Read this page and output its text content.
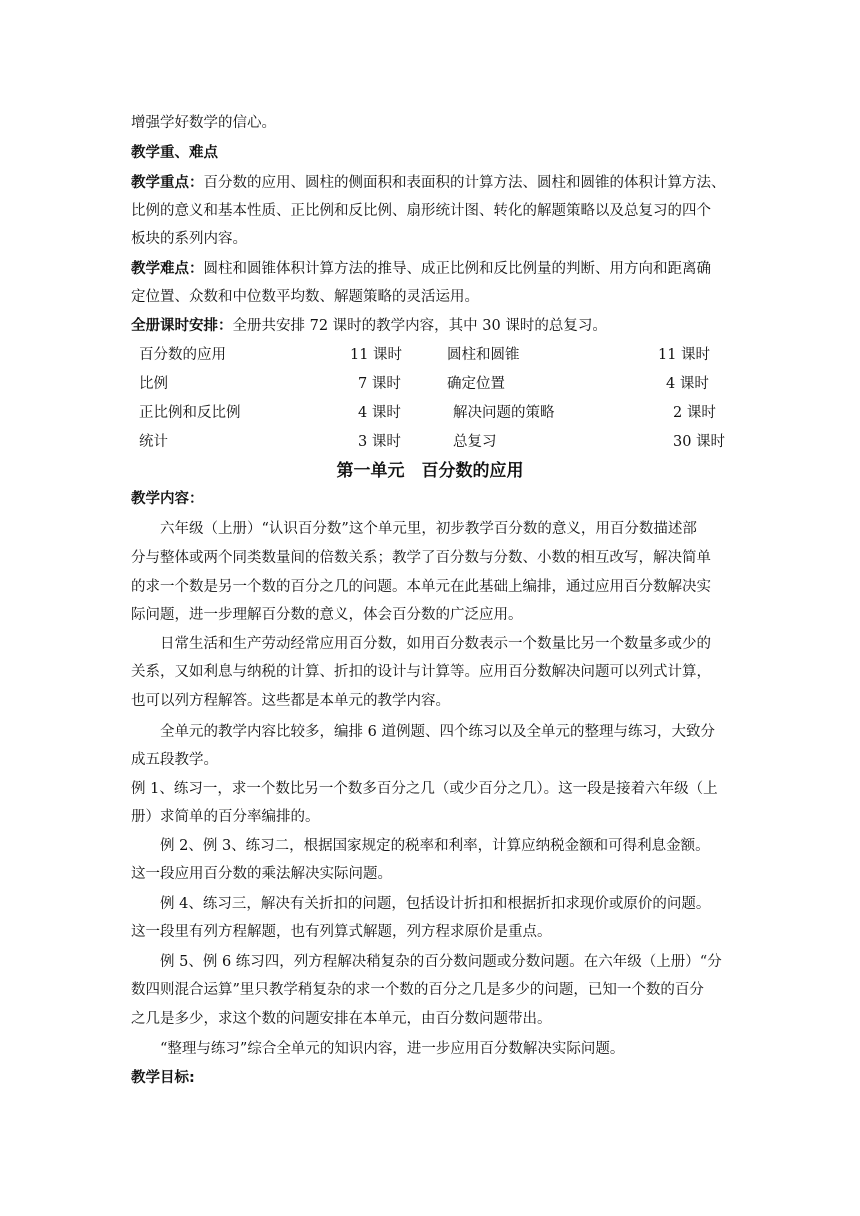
增强学好数学的信心。
教学重、难点
教学重点：百分数的应用、圆柱的侧面积和表面积的计算方法、圆柱和圆锥的体积计算方法、
比例的意义和基本性质、正比例和反比例、扇形统计图、转化的解题策略以及总复习的四个
板块的系列内容。
教学难点：圆柱和圆锥体积计算方法的推导、成正比例和反比例量的判断、用方向和距离确
定位置、众数和中位数平均数、解题策略的灵活运用。
全册课时安排：全册共安排 72 课时的教学内容，其中 30 课时的总复习。
百分数的应用	11 课时	圆柱和圆锥	11 课时
比例	7 课时	确定位置	4 课时
正比例和反比例	4 课时	解决问题的策略	2 课时
统计	3 课时	总复习	30 课时
第一单元　百分数的应用
教学内容：
六年级（上册）“认识百分数”这个单元里，初步教学百分数的意义，用百分数描述部
分与整体或两个同类数量间的倍数关系；教学了百分数与分数、小数的相互改写，解决简单
的求一个数是另一个数的百分之几的问题。本单元在此基础上编排，通过应用百分数解决实
际问题，进一步理解百分数的意义，体会百分数的广泛应用。
日常生活和生产劳动经常应用百分数，如用百分数表示一个数量比另一个数量多或少的
关系，又如利息与纳税的计算、折扣的设计与计算等。应用百分数解决问题可以列式计算，
也可以列方程解答。这些都是本单元的教学内容。
全单元的教学内容比较多，编排 6 道例题、四个练习以及全单元的整理与练习，大致分
成五段教学。
例 1、练习一，求一个数比另一个数多百分之几（或少百分之几）。这一段是接着六年级（上
册）求简单的百分率编排的。
例 2、例 3、练习二，根据国家规定的税率和利率，计算应纳税金额和可得利息金额。
这一段应用百分数的乘法解决实际问题。
例 4、练习三，解决有关折扣的问题，包括设计折扣和根据折扣求现价或原价的问题。
这一段里有列方程解题，也有列算式解题，列方程求原价是重点。
例 5、例 6 练习四，列方程解决稍复杂的百分数问题或分数问题。在六年级（上册）“分
数四则混合运算”里只教学稍复杂的求一个数的百分之几是多少的问题，已知一个数的百分
之几是多少，求这个数的问题安排在本单元，由百分数问题带出。
“整理与练习”综合全单元的知识内容，进一步应用百分数解决实际问题。
教学目标:
